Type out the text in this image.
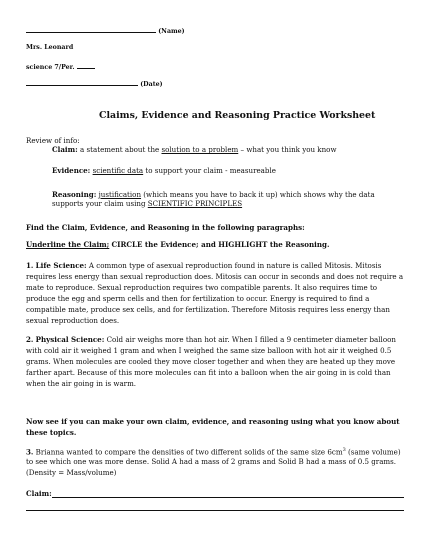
(Name)
Mrs. Leonard
science 7/Per.
(Date)
Claims, Evidence and Reasoning Practice Worksheet
Review of info:
Claim: a statement about the solution to a problem – what you think you know
Evidence: scientific data to support your claim - measureable
Reasoning: justification (which means you have to back it up) which shows why the data
supports your claim using SCIENTIFIC PRINCIPLES
Find the Claim, Evidence, and Reasoning in the following paragraphs:
Underline the Claim; CIRCLE the Evidence; and HIGHLIGHT the Reasoning.
1. Life Science: A common type of asexual reproduction found in nature is called Mitosis. Mitosis
requires less energy than sexual reproduction does. Mitosis can occur in seconds and does not require a
mate to reproduce. Sexual reproduction requires two compatible parents. It also requires time to
produce the egg and sperm cells and then for fertilization to occur. Energy is required to find a
compatible mate, produce sex cells, and for fertilization. Therefore Mitosis requires less energy than
sexual reproduction does.
2. Physical Science: Cold air weighs more than hot air. When I filled a 9 centimeter diameter balloon
with cold air it weighed 1 gram and when I weighed the same size balloon with hot air it weighed 0.5
grams. When molecules are cooled they move closer together and when they are heated up they move
farther apart. Because of this more molecules can fit into a balloon when the air going in is cold than
when the air going in is warm.
Now see if you can make your own claim, evidence, and reasoning using what you know about
these topics.
3. Brianna wanted to compare the densities of two different solids of the same size $6cm^3$ (same volume)
to see which one was more dense. Solid A had a mass of 2 grams and Solid B had a mass of 0.5 grams.
(Density = Mass/volume)
Claim:
